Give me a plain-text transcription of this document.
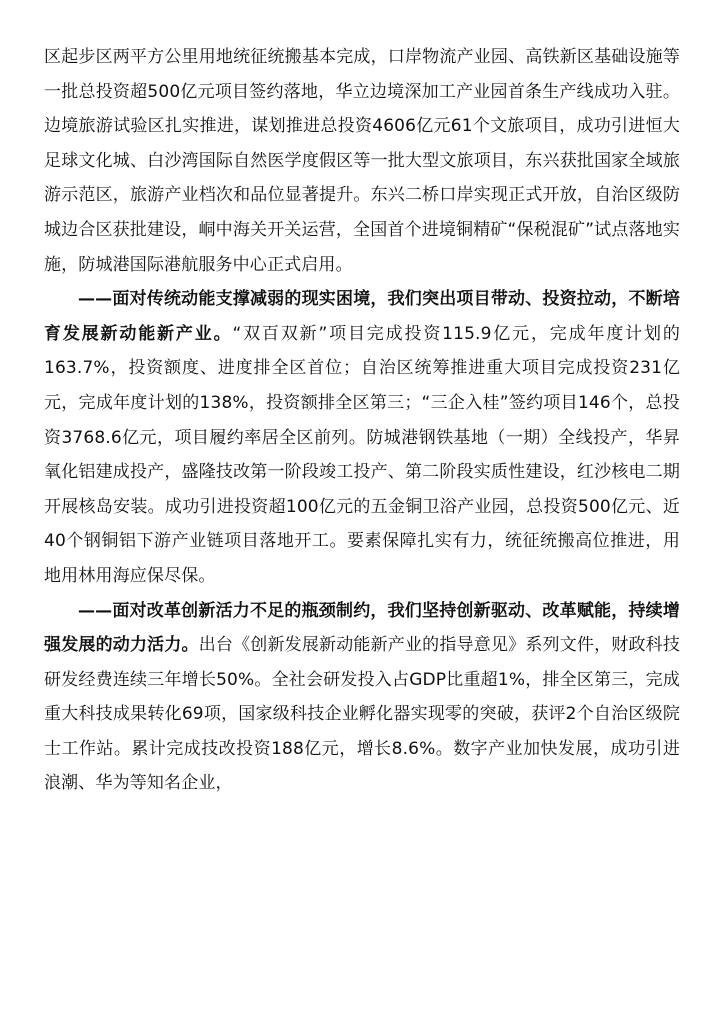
区起步区两平方公里用地统征统搬基本完成，口岸物流产业园、高铁新区基础设施等一批总投资超500亿元项目签约落地，华立边境深加工产业园首条生产线成功入驻。边境旅游试验区扎实推进，谋划推进总投资4606亿元61个文旅项目，成功引进恒大足球文化城、白沙湾国际自然医学度假区等一批大型文旅项目，东兴获批国家全域旅游示范区，旅游产业档次和品位显著提升。东兴二桥口岸实现正式开放，自治区级防城边合区获批建设，峒中海关开关运营，全国首个进境铜精矿“保税混矿”试点落地实施，防城港国际港航服务中心正式启用。

——面对传统动能支撑减弱的现实困境，我们突出项目带动、投资拉动，不断培育发展新动能新产业。“双百双新”项目完成投资115.9亿元，完成年度计划的163.7%，投资额度、进度排全区首位；自治区统筹推进重大项目完成投资231亿元，完成年度计划的138%，投资额排全区第三；“三企入桂”签约项目146个，总投资3768.6亿元，项目履约率居全区前列。防城港钢铁基地（一期）全线投产，华昇氧化铝建成投产，盛隆技改第一阶段竣工投产、第二阶段实质性建设，红沙核电二期开展核岛安装。成功引进投资超100亿元的五金铜卫浴产业园，总投资500亿元、近40个钢铜铝下游产业链项目落地开工。要素保障扎实有力，统征统搬高位推进，用地用林用海应保尽保。

——面对改革创新活力不足的瓶颈制约，我们坚持创新驱动、改革赋能，持续增强发展的动力活力。出台《创新发展新动能新产业的指导意见》系列文件，财政科技研发经费连续三年增长50%。全社会研发投入占GDP比重超1%，排全区第三，完成重大科技成果转化69项，国家级科技企业孵化器实现零的突破，获评2个自治区级院士工作站。累计完成技改投资188亿元，增长8.6%。数字产业加快发展，成功引进浪潮、华为等知名企业，
